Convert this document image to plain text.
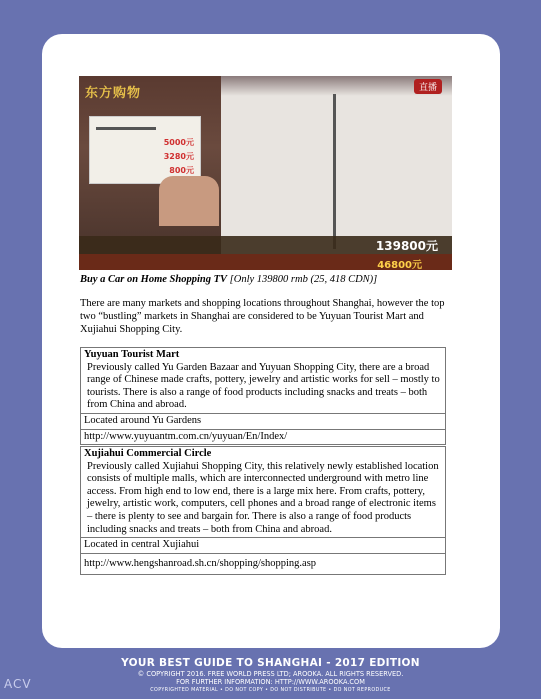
东方购物
5000元
3280元
800元
直播
139800元
46800元
Buy a Car on Home Shopping TV [Only 139800 rmb (25, 418 CDN)]
There are many markets and shopping locations throughout Shanghai, however the top two “bustling” markets in Shanghai are considered to be Yuyuan Tourist Mart and Xujiahui Shopping City.
Yuyuan Tourist Mart
Previously called Yu Garden Bazaar and Yuyuan Shopping City, there are a broad range of Chinese made crafts, pottery, jewelry and artistic works for sell – mostly to tourists. There is also a range of food products including snacks and treats – both from China and abroad.

Located around Yu Gardens
http://www.yuyuantm.com.cn/yuyuan/En/Index/
Xujiahui Commercial Circle
Previously called Xujiahui Shopping City, this relatively newly established location consists of multiple malls, which are interconnected underground with metro line access. From high end to low end, there is a large mix here. From crafts, pottery, jewelry, artistic work, computers, cell phones and a broad range of electronic items – there is plenty to see and bargain for. There is also a range of food products including snacks and treats – both from China and abroad.

Located in central Xujiahui
http://www.hengshanroad.sh.cn/shopping/shopping.asp
YOUR BEST GUIDE TO SHANGHAI - 2017 EDITION
© COPYRIGHT 2016. FREE WORLD PRESS LTD; AROOKA. ALL RIGHTS RESERVED.
FOR FURTHER INFORMATION: HTTP://WWW.AROOKA.COM
COPYRIGHTED MATERIAL • DO NOT COPY • DO NOT DISTRIBUTE • DO NOT REPRODUCE
ACV
